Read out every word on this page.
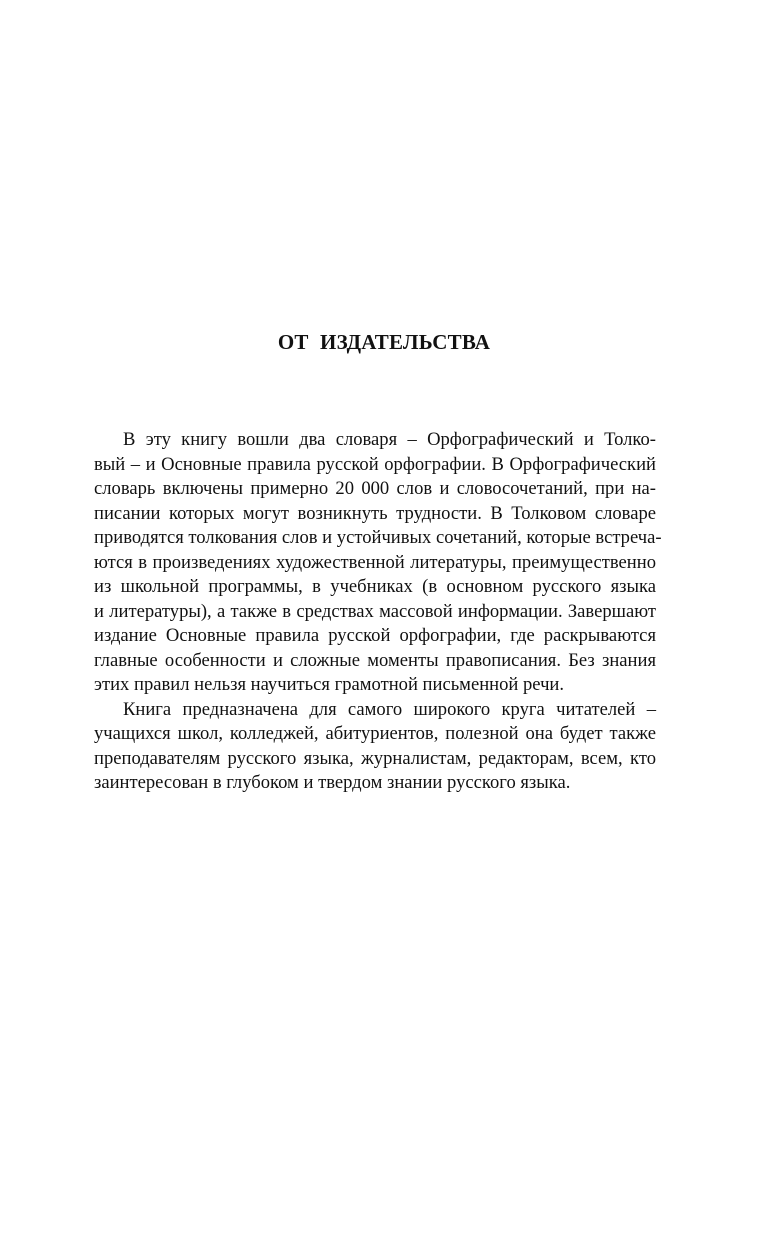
ОТ ИЗДАТЕЛЬСТВА
В эту книгу вошли два словаря – Орфографический и Толко-
вый – и Основные правила русской орфографии. В Орфографический
словарь включены примерно 20 000 слов и словосочетаний, при на-
писании которых могут возникнуть трудности. В Толковом словаре
приводятся толкования слов и устойчивых сочетаний, которые встреча-
ются в произведениях художественной литературы, преимущественно
из школьной программы, в учебниках (в основном русского языка
и литературы), а также в средствах массовой информации. Завершают
издание Основные правила русской орфографии, где раскрываются
главные особенности и сложные моменты правописания. Без знания
этих правил нельзя научиться грамотной письменной речи.
Книга предназначена для самого широкого круга читателей –
учащихся школ, колледжей, абитуриентов, полезной она будет также
преподавателям русского языка, журналистам, редакторам, всем, кто
заинтересован в глубоком и твердом знании русского языка.
